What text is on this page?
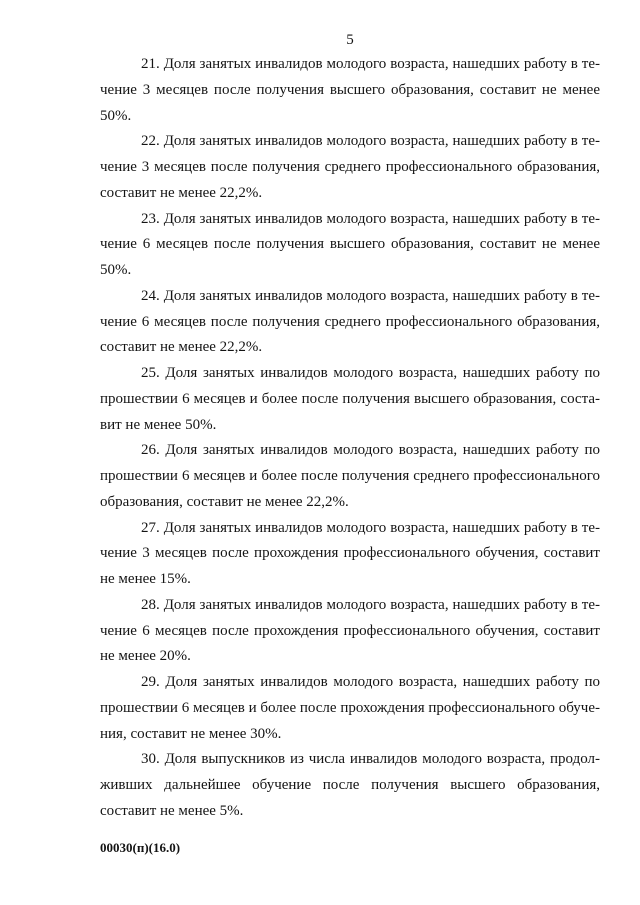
5
21. Доля занятых инвалидов молодого возраста, нашедших работу в те-
чение 3 месяцев после получения высшего образования, составит не менее
50%.
22. Доля занятых инвалидов молодого возраста, нашедших работу в те-
чение 3 месяцев после получения среднего профессионального образования,
составит не менее 22,2%.
23. Доля занятых инвалидов молодого возраста, нашедших работу в те-
чение 6 месяцев после получения высшего образования, составит не менее
50%.
24. Доля занятых инвалидов молодого возраста, нашедших работу в те-
чение 6 месяцев после получения среднего профессионального образования,
составит не менее 22,2%.
25. Доля занятых инвалидов молодого возраста, нашедших работу по
прошествии 6 месяцев и более после получения высшего образования, соста-
вит не менее 50%.
26. Доля занятых инвалидов молодого возраста, нашедших работу по
прошествии 6 месяцев и более после получения среднего профессионального
образования, составит не менее 22,2%.
27. Доля занятых инвалидов молодого возраста, нашедших работу в те-
чение 3 месяцев после прохождения профессионального обучения, составит
не менее 15%.
28. Доля занятых инвалидов молодого возраста, нашедших работу в те-
чение 6 месяцев после прохождения профессионального обучения, составит
не менее 20%.
29. Доля занятых инвалидов молодого возраста, нашедших работу по
прошествии 6 месяцев и более после прохождения профессионального обуче-
ния, составит не менее 30%.
30. Доля выпускников из числа инвалидов молодого возраста, продол-
живших дальнейшее обучение после получения высшего образования,
составит не менее 5%.
00030(п)(16.0)
